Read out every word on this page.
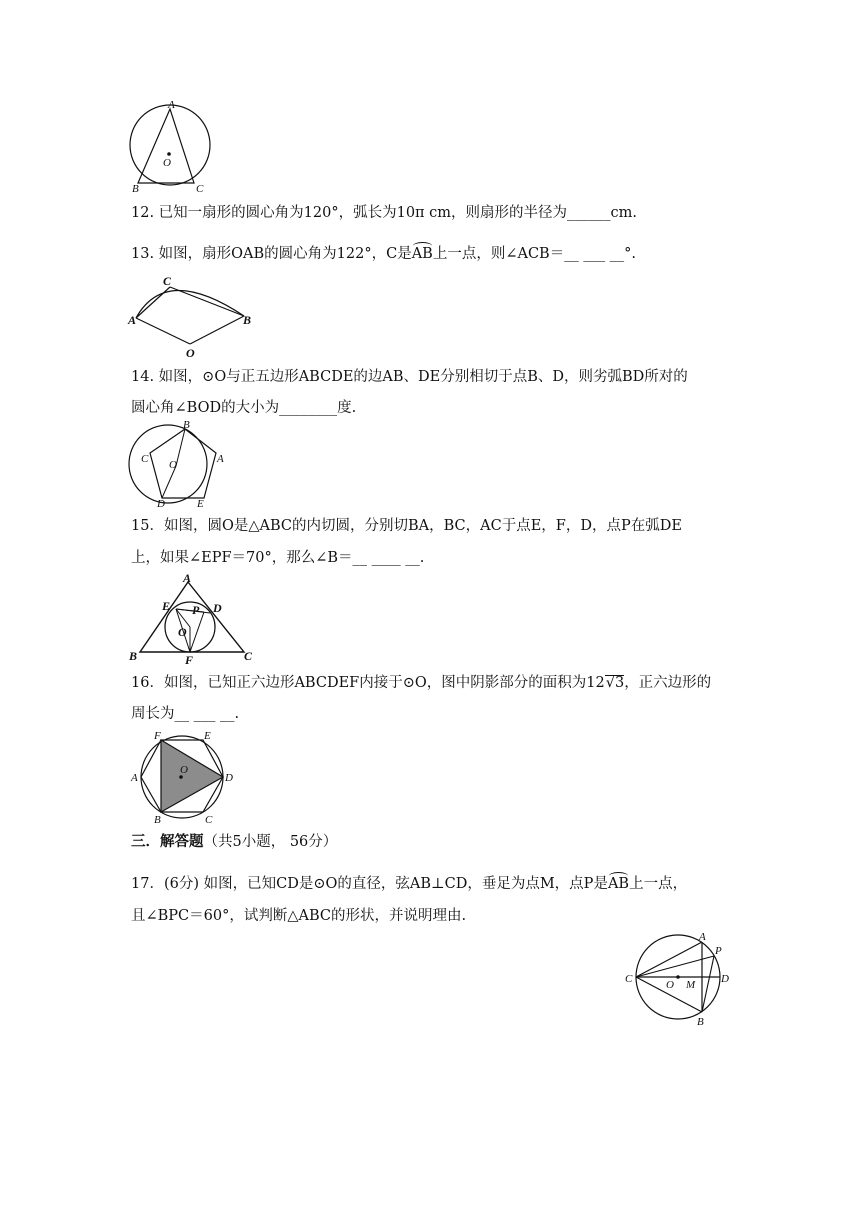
A
O
B	C
12. 已知一扇形的圆心角为120°，弧长为10π cm，则扇形的半径为______cm.
13. 如图，扇形OAB的圆心角为122°，C是AB上一点，则∠ACB＝__ ___ __°.
C
A	B
O
14. 如图，⊙O与正五边形ABCDE的边AB、DE分别相切于点B、D，则劣弧BD所对的
圆心角∠BOD的大小为________度.
B
C O	A
D	E
15．如图，圆O是△ABC的内切圆，分别切BA，BC，AC于点E，F，D，点P在弧DE
上，如果∠EPF＝70°，那么∠B＝__ ____ __.
A
E P D
O
B	F	C
16．如图，已知正六边形ABCDEF内接于⊙O，图中阴影部分的面积为12√3，正六边形的
周长为__ ___ __.
F	E
A
O
D
B	C
三．解答题（共5小题， 56分）
17．(6分) 如图，已知CD是⊙O的直径，弦AB⊥CD，垂足为点M，点P是AB上一点，
且∠BPC＝60°，试判断△ABC的形状，并说明理由.
A
P
C	O M D
B
